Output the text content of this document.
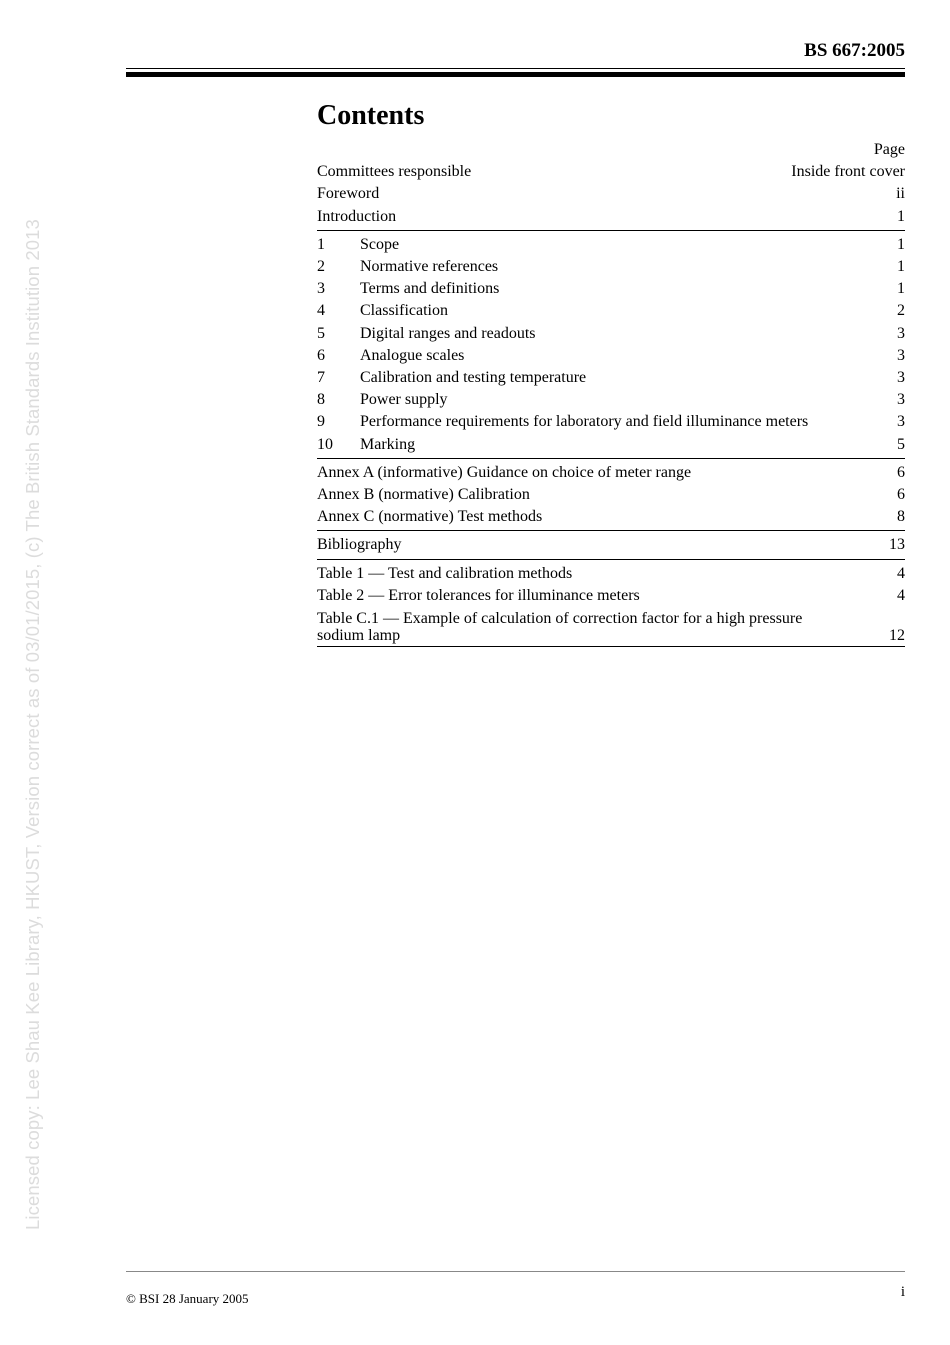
Licensed copy: Lee Shau Kee Library, HKUST, Version correct as of 03/01/2015, (c) The British Standards Institution 2013
BS 667:2005
Contents
Page
Committees responsible	Inside front cover
Foreword	ii
Introduction	1
1	Scope	1
2	Normative references	1
3	Terms and definitions	1
4	Classification	2
5	Digital ranges and readouts	3
6	Analogue scales	3
7	Calibration and testing temperature	3
8	Power supply	3
9	Performance requirements for laboratory and field illuminance meters	3
10	Marking	5
Annex A (informative) Guidance on choice of meter range	6
Annex B (normative) Calibration	6
Annex C (normative) Test methods	8
Bibliography	13
Table 1 — Test and calibration methods	4
Table 2 — Error tolerances for illuminance meters	4
Table C.1 — Example of calculation of correction factor for a high pressure
sodium lamp	12
© BSI 28 January 2005	i
